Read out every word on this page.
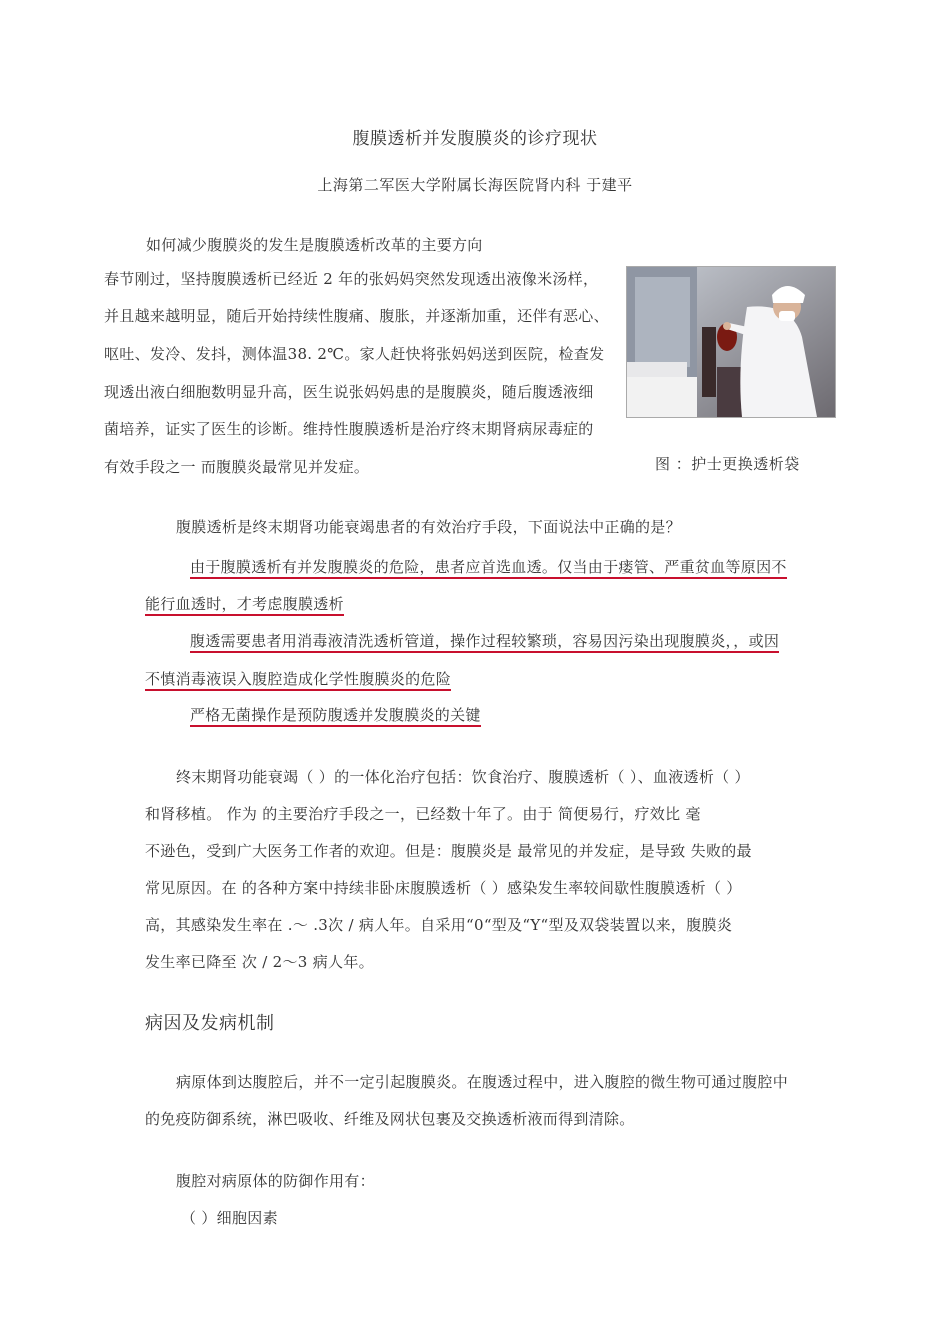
腹膜透析并发腹膜炎的诊疗现状
上海第二军医大学附属长海医院肾内科 于建平
如何减少腹膜炎的发生是腹膜透析改革的主要方向
春节刚过，坚持腹膜透析已经近 2 年的张妈妈突然发现透出液像米汤样，
并且越来越明显，随后开始持续性腹痛、腹胀，并逐渐加重，还伴有恶心、
呕吐、发冷、发抖，测体温38. 2℃。家人赶快将张妈妈送到医院，检查发
现透出液白细胞数明显升高，医生说张妈妈患的是腹膜炎，随后腹透液细
菌培养，证实了医生的诊断。维持性腹膜透析是治疗终末期肾病尿毒症的
有效手段之一 而腹膜炎最常见并发症。	图 ：护士更换透析袋
腹膜透析是终末期肾功能衰竭患者的有效治疗手段，下面说法中正确的是？
由于腹膜透析有并发腹膜炎的危险，患者应首选血透。仅当由于瘘管、严重贫血等原因不
能行血透时，才考虑腹膜透析
腹透需要患者用消毒液清洗透析管道，操作过程较繁琐，容易因污染出现腹膜炎，，或因
不慎消毒液误入腹腔造成化学性腹膜炎的危险
严格无菌操作是预防腹透并发腹膜炎的关键
终末期肾功能衰竭（ ）的一体化治疗包括：饮食治疗、腹膜透析（ ）、血液透析（ ）
和肾移植。 作为 的主要治疗手段之一，已经数十年了。由于 简便易行，疗效比 毫
不逊色，受到广大医务工作者的欢迎。但是：腹膜炎是 最常见的并发症，是导致 失败的最
常见原因。在 的各种方案中持续非卧床腹膜透析（ ）感染发生率较间歇性腹膜透析（ ）
高，其感染发生率在 .～ .3次 / 病人年。自采用“0“型及“Y“型及双袋装置以来，腹膜炎
发生率已降至 次 / 2～3 病人年。
病因及发病机制
病原体到达腹腔后，并不一定引起腹膜炎。在腹透过程中，进入腹腔的微生物可通过腹腔中
的免疫防御系统，淋巴吸收、纤维及网状包裹及交换透析液而得到清除。
腹腔对病原体的防御作用有：
（ ）细胞因素
